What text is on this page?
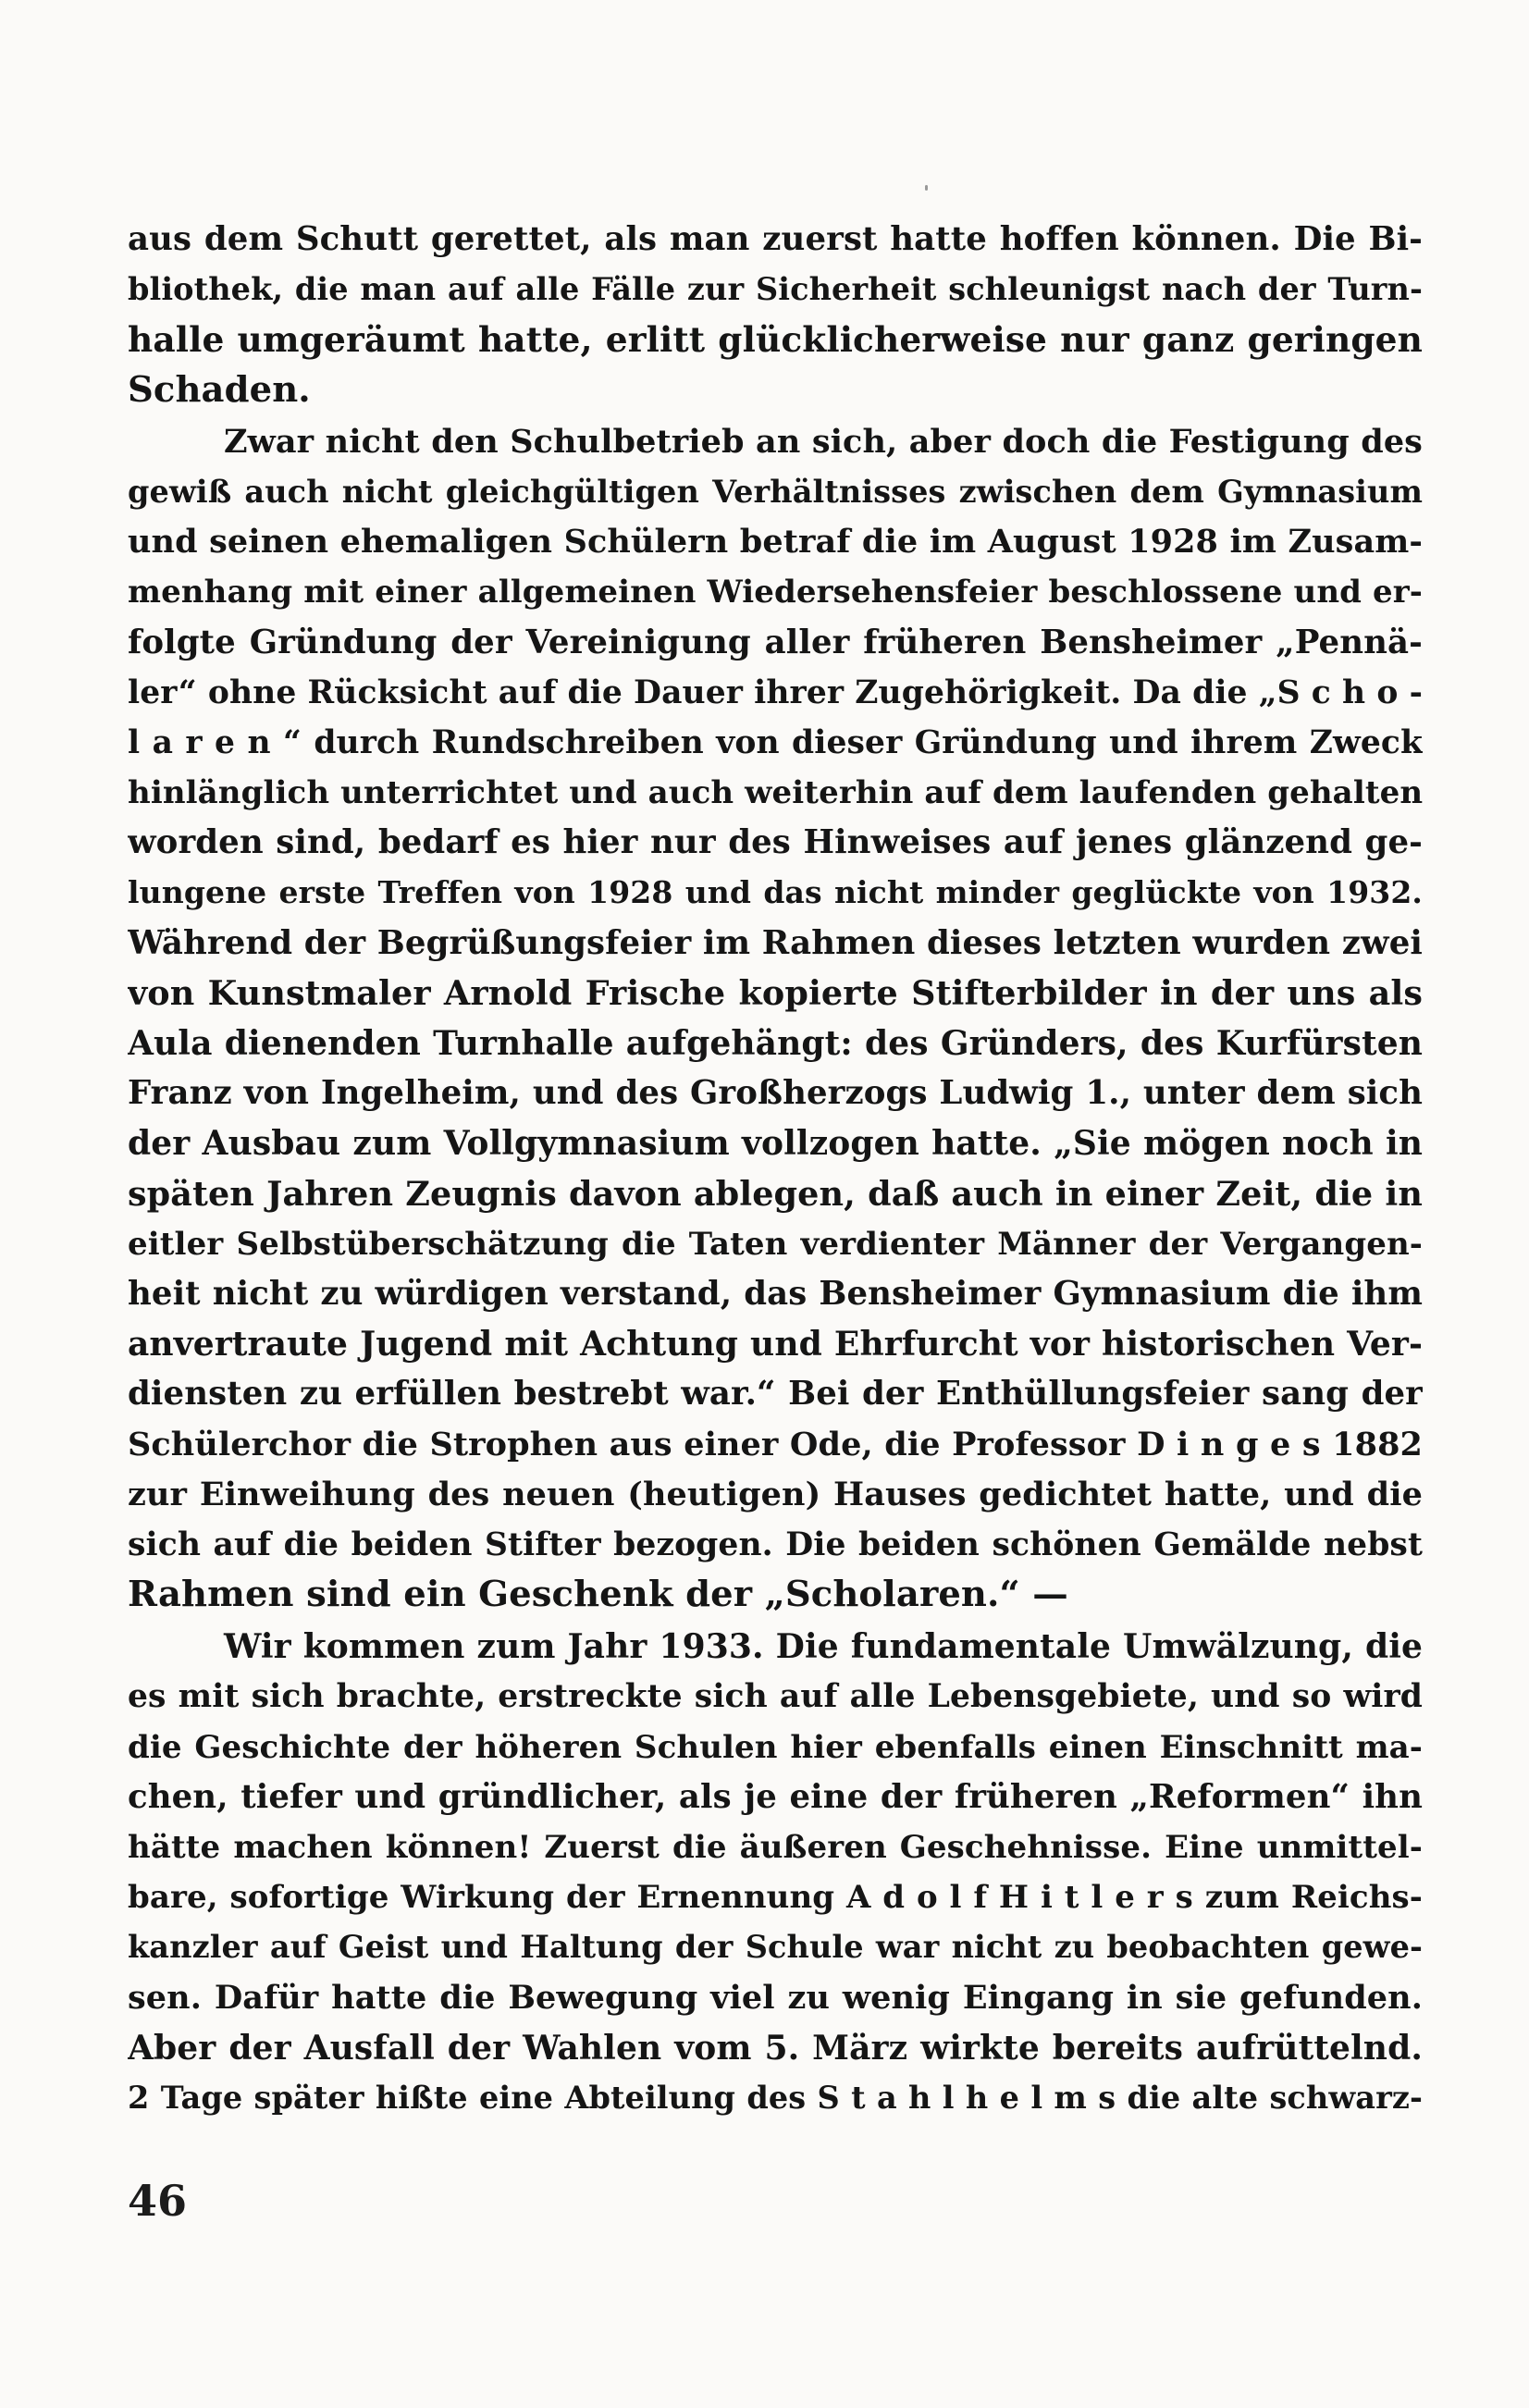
aus dem Schutt gerettet, als man zuerst hatte hoffen können. Die Bi-
bliothek, die man auf alle Fälle zur Sicherheit schleunigst nach der Turn-
halle umgeräumt hatte, erlitt glücklicherweise nur ganz geringen
Schaden.
Zwar nicht den Schulbetrieb an sich, aber doch die Festigung des
gewiß auch nicht gleichgültigen Verhältnisses zwischen dem Gymnasium
und seinen ehemaligen Schülern betraf die im August 1928 im Zusam-
menhang mit einer allgemeinen Wiedersehensfeier beschlossene und er-
folgte Gründung der Vereinigung aller früheren Bensheimer „Pennä-
ler“ ohne Rücksicht auf die Dauer ihrer Zugehörigkeit. Da die „S c h o -
l a r e n “ durch Rundschreiben von dieser Gründung und ihrem Zweck
hinlänglich unterrichtet und auch weiterhin auf dem laufenden gehalten
worden sind, bedarf es hier nur des Hinweises auf jenes glänzend ge-
lungene erste Treffen von 1928 und das nicht minder geglückte von 1932.
Während der Begrüßungsfeier im Rahmen dieses letzten wurden zwei
von Kunstmaler Arnold Frische kopierte Stifterbilder in der uns als
Aula dienenden Turnhalle aufgehängt: des Gründers, des Kurfürsten
Franz von Ingelheim, und des Großherzogs Ludwig 1., unter dem sich
der Ausbau zum Vollgymnasium vollzogen hatte. „Sie mögen noch in
späten Jahren Zeugnis davon ablegen, daß auch in einer Zeit, die in
eitler Selbstüberschätzung die Taten verdienter Männer der Vergangen-
heit nicht zu würdigen verstand, das Bensheimer Gymnasium die ihm
anvertraute Jugend mit Achtung und Ehrfurcht vor historischen Ver-
diensten zu erfüllen bestrebt war.“ Bei der Enthüllungsfeier sang der
Schülerchor die Strophen aus einer Ode, die Professor D i n g e s 1882
zur Einweihung des neuen (heutigen) Hauses gedichtet hatte, und die
sich auf die beiden Stifter bezogen. Die beiden schönen Gemälde nebst
Rahmen sind ein Geschenk der „Scholaren.“ —
Wir kommen zum Jahr 1933. Die fundamentale Umwälzung, die
es mit sich brachte, erstreckte sich auf alle Lebensgebiete, und so wird
die Geschichte der höheren Schulen hier ebenfalls einen Einschnitt ma-
chen, tiefer und gründlicher, als je eine der früheren „Reformen“ ihn
hätte machen können! Zuerst die äußeren Geschehnisse. Eine unmittel-
bare, sofortige Wirkung der Ernennung A d o l f H i t l e r s zum Reichs-
kanzler auf Geist und Haltung der Schule war nicht zu beobachten gewe-
sen. Dafür hatte die Bewegung viel zu wenig Eingang in sie gefunden.
Aber der Ausfall der Wahlen vom 5. März wirkte bereits aufrüttelnd.
2 Tage später hißte eine Abteilung des S t a h l h e l m s die alte schwarz-
46
